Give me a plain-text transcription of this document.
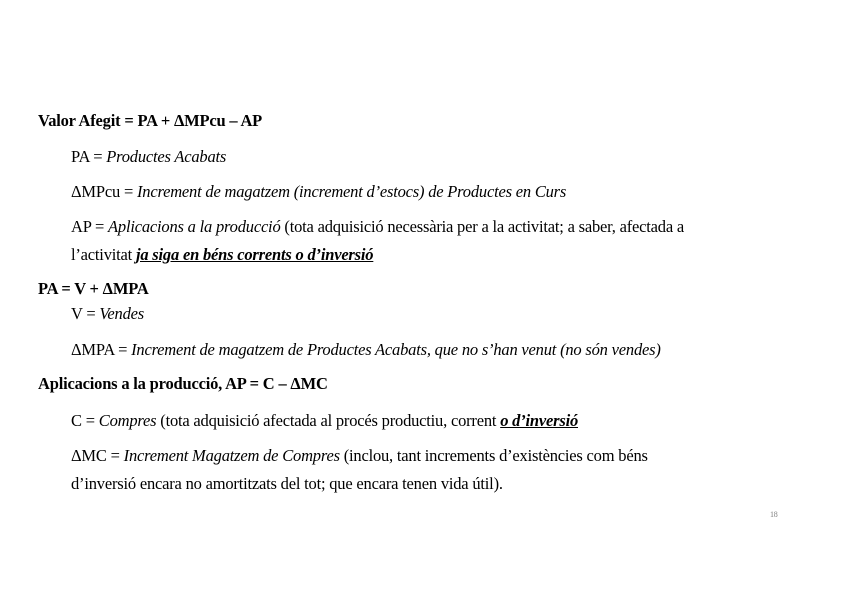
Valor Afegit = PA + ΔMPcu – AP
PA = Productes Acabats
ΔMPcu = Increment de magatzem (increment d’estocs) de Productes en Curs
AP = Aplicacions a la producció (tota adquisició necessària per a la activitat; a saber, afectada a
l’activitat ja siga en béns corrents o d’inversió
PA = V + ΔMPA
V = Vendes
ΔMPA = Increment de magatzem de Productes Acabats, que no s’han venut (no són vendes)
Aplicacions a la producció, AP = C – ΔMC
C = Compres (tota adquisició afectada al procés productiu, corrent o d’inversió
ΔMC = Increment Magatzem de Compres (inclou, tant increments d’existències com béns
d’inversió encara no amortitzats del tot; que encara tenen vida útil).
18
